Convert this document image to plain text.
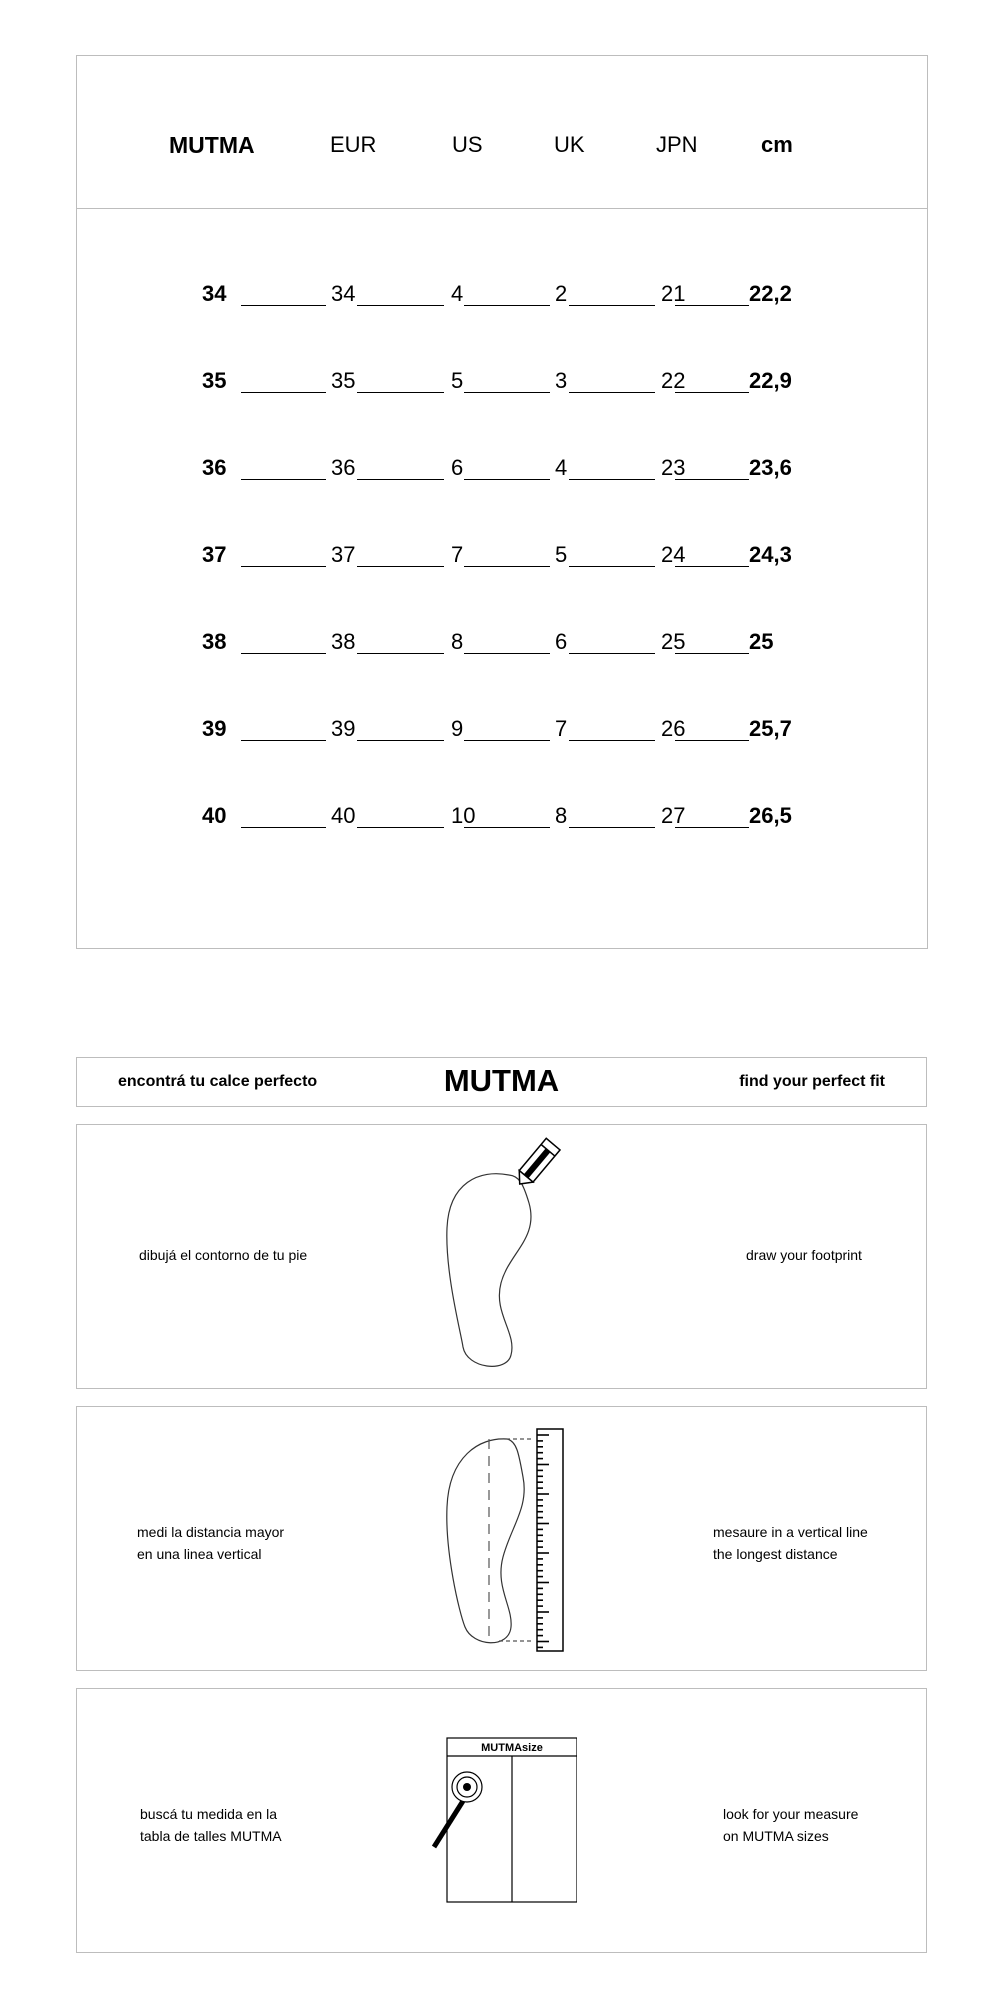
MUTMA	EUR	US	UK	JPN	cm
34	34	4	2	21	22,2
35	35	5	3	22	22,9
36	36	6	4	23	23,6
37	37	7	5	24	24,3
38	38	8	6	25	25
39	39	9	7	26	25,7
40	40	10	8	27	26,5
encontrá tu calce perfecto	MUTMA	find your perfect fit
dibujá el contorno de tu pie	draw your footprint
medi la distancia mayor
en una linea vertical
mesaure in a vertical line
the longest distance
buscá tu medida en la
tabla de talles MUTMA
look for your measure
on MUTMA sizes
MUTMAsize
